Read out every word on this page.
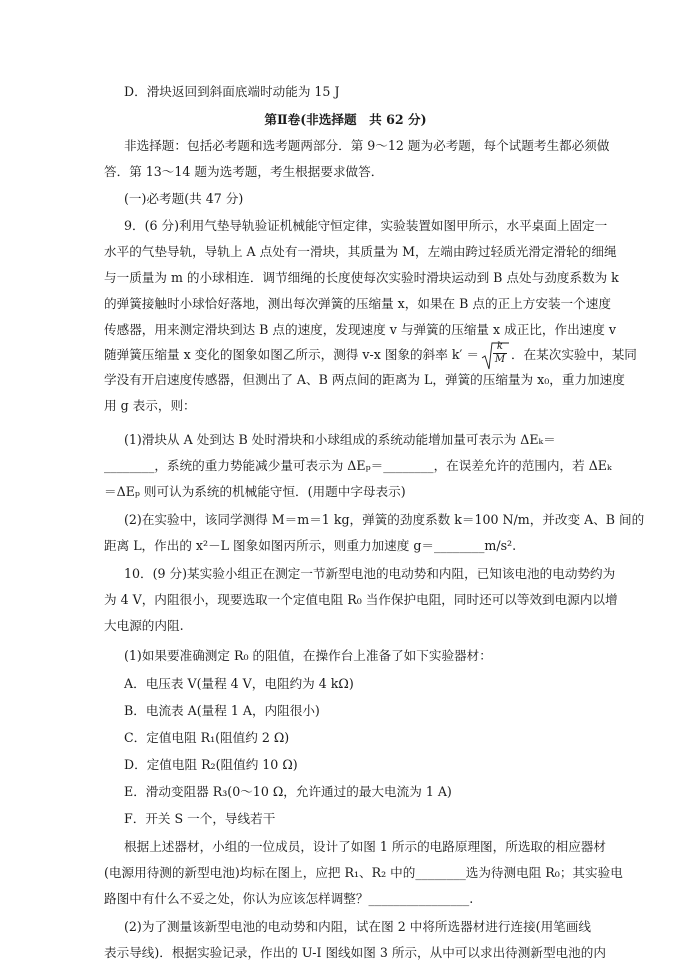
D．滑块返回到斜面底端时动能为 15 J
第Ⅱ卷(非选择题　共 62 分)
非选择题：包括必考题和选考题两部分．第 9～12 题为必考题，每个试题考生都必须做
答．第 13～14 题为选考题，考生根据要求做答．
(一)必考题(共 47 分)
9．(6 分)利用气垫导轨验证机械能守恒定律，实验装置如图甲所示，水平桌面上固定一
水平的气垫导轨，导轨上 A 点处有一滑块，其质量为 M，左端由跨过轻质光滑定滑轮的细绳
与一质量为 m 的小球相连．调节细绳的长度使每次实验时滑块运动到 B 点处与劲度系数为 k
的弹簧接触时小球恰好落地，测出每次弹簧的压缩量 x，如果在 B 点的正上方安装一个速度
传感器，用来测定滑块到达 B 点的速度，发现速度 v 与弹簧的压缩量 x 成正比，作出速度 v
随弹簧压缩量 x 变化的图象如图乙所示，测得 v-x 图象的斜率 $k' = \frac{k}{M}$ ．在某次实验中，某同
学没有开启速度传感器，但测出了 A、B 两点间的距离为 L，弹簧的压缩量为 x₀，重力加速度
用 g 表示，则：
(1)滑块从 A 处到达 B 处时滑块和小球组成的系统动能增加量可表示为 ΔEₖ＝
________，系统的重力势能减少量可表示为 ΔEₚ＝________，在误差允许的范围内，若 ΔEₖ
＝ΔEₚ 则可认为系统的机械能守恒．(用题中字母表示)
(2)在实验中，该同学测得 M＝m＝1 kg，弹簧的劲度系数 k＝100 N/m，并改变 A、B 间的
距离 L，作出的 x²－L 图象如图丙所示，则重力加速度 g＝________m/s².
10．(9 分)某实验小组正在测定一节新型电池的电动势和内阻，已知该电池的电动势约为
为 4 V，内阻很小，现要选取一个定值电阻 R₀ 当作保护电阻，同时还可以等效到电源内以增
大电源的内阻.
(1)如果要准确测定 R₀ 的阻值，在操作台上准备了如下实验器材：
A．电压表 V(量程 4 V，电阻约为 4 kΩ)
B．电流表 A(量程 1 A，内阻很小)
C．定值电阻 R₁(阻值约 2 Ω)
D．定值电阻 R₂(阻值约 10 Ω)
E．滑动变阻器 R₃(0～10 Ω，允许通过的最大电流为 1 A)
F．开关 S 一个，导线若干
根据上述器材，小组的一位成员，设计了如图 1 所示的电路原理图，所选取的相应器材
(电源用待测的新型电池)均标在图上，应把 R₁、R₂ 中的________选为待测电阻 R₀；其实验电
路图中有什么不妥之处，你认为应该怎样调整？________________.
(2)为了测量该新型电池的电动势和内阻，试在图 2 中将所选器材进行连接(用笔画线
表示导线)．根据实验记录，作出的 U-I 图线如图 3 所示，从中可以求出待测新型电池的内
